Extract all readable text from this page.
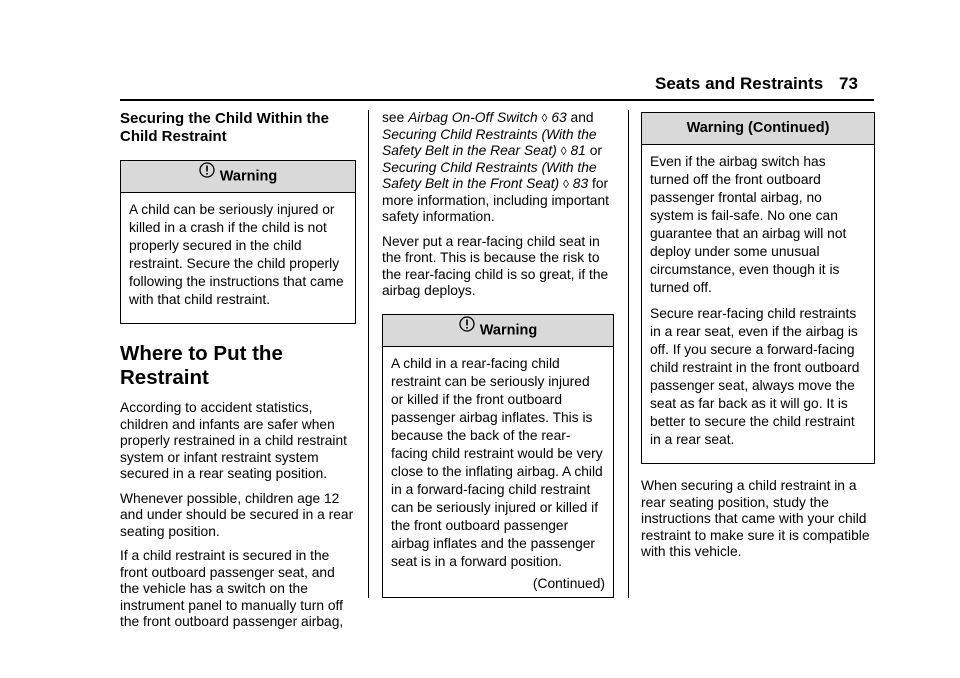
Seats and Restraints 73
Securing the Child Within the Child Restraint
Warning

A child can be seriously injured or killed in a crash if the child is not properly secured in the child restraint. Secure the child properly following the instructions that came with that child restraint.

Where to Put the Restraint

According to accident statistics, children and infants are safer when properly restrained in a child restraint system or infant restraint system secured in a rear seating position.

Whenever possible, children age 12 and under should be secured in a rear seating position.

If a child restraint is secured in the front outboard passenger seat, and the vehicle has a switch on the instrument panel to manually turn off the front outboard passenger airbag,

see Airbag On-Off Switch ◊ 63 and Securing Child Restraints (With the Safety Belt in the Rear Seat) ◊ 81 or Securing Child Restraints (With the Safety Belt in the Front Seat) ◊ 83 for more information, including important safety information.

Never put a rear-facing child seat in the front. This is because the risk to the rear-facing child is so great, if the airbag deploys.

Warning

A child in a rear-facing child restraint can be seriously injured or killed if the front outboard passenger airbag inflates. This is because the back of the rear-facing child restraint would be very close to the inflating airbag. A child in a forward-facing child restraint can be seriously injured or killed if the front outboard passenger airbag inflates and the passenger seat is in a forward position.

(Continued)
Warning (Continued)

Even if the airbag switch has turned off the front outboard passenger frontal airbag, no system is fail-safe. No one can guarantee that an airbag will not deploy under some unusual circumstance, even though it is turned off.

Secure rear-facing child restraints in a rear seat, even if the airbag is off. If you secure a forward-facing child restraint in the front outboard passenger seat, always move the seat as far back as it will go. It is better to secure the child restraint in a rear seat.

When securing a child restraint in a rear seating position, study the instructions that came with your child restraint to make sure it is compatible with this vehicle.
